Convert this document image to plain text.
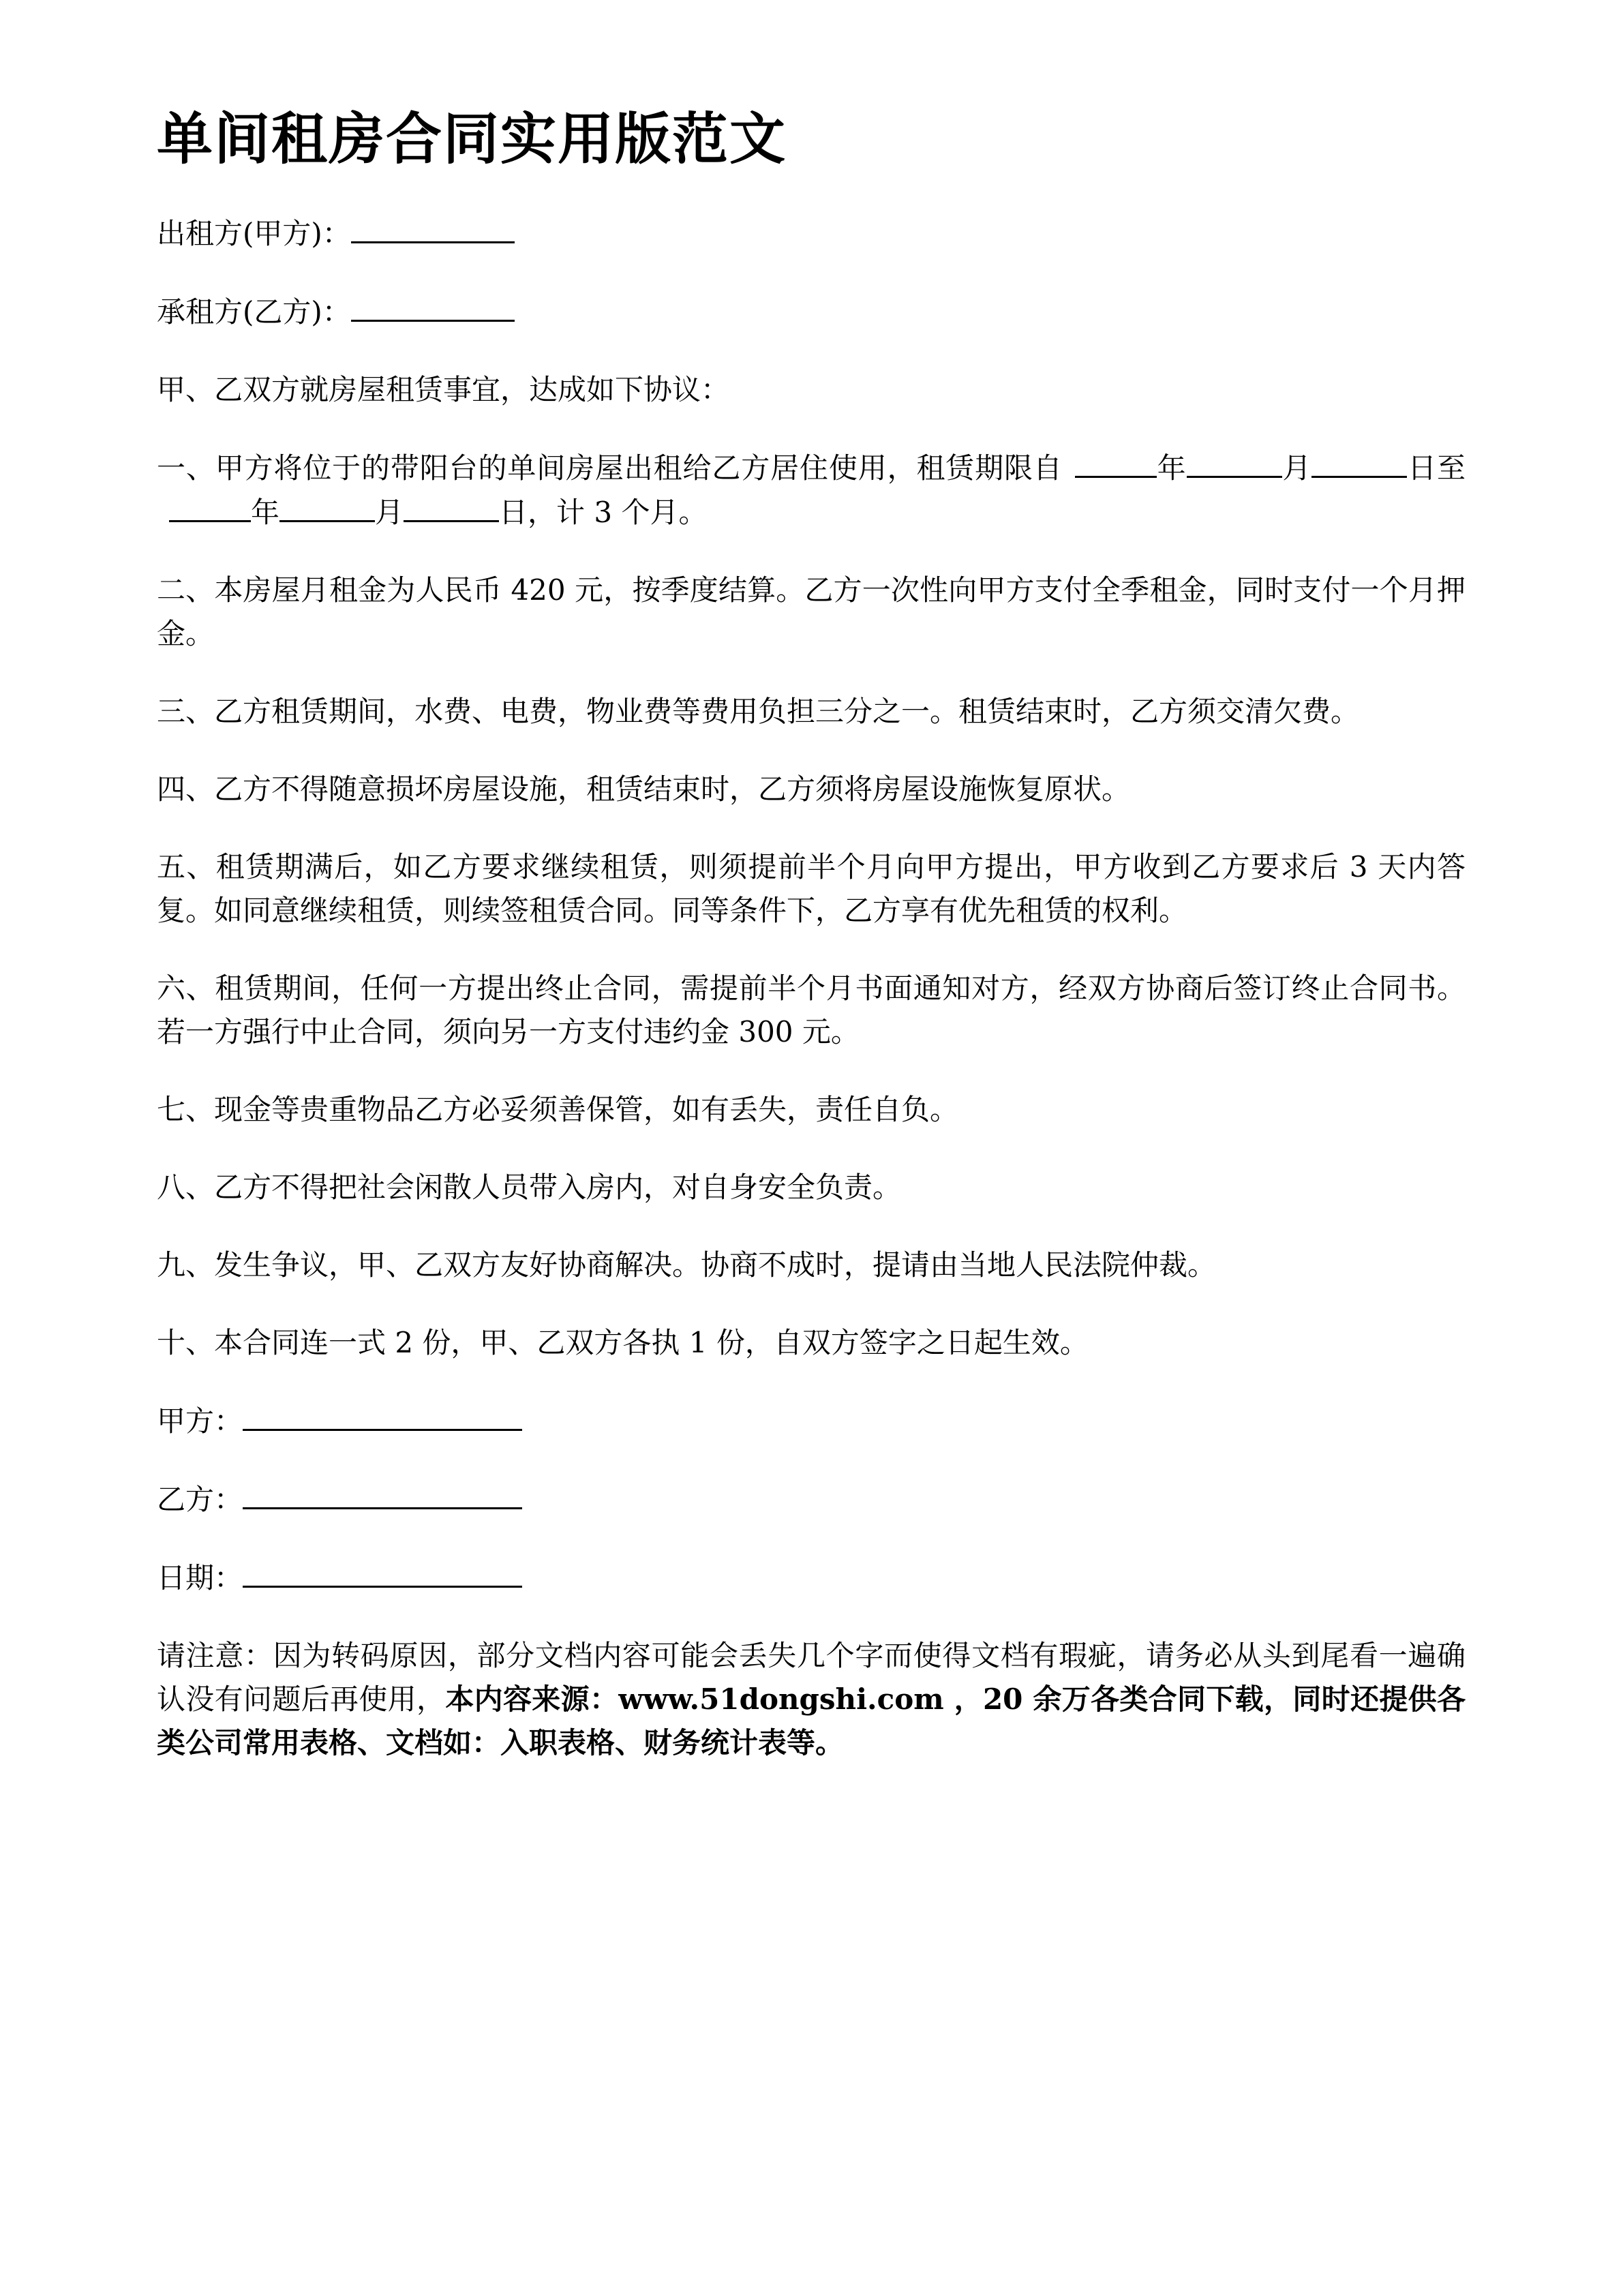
单间租房合同实用版范文
出租方(甲方)：
承租方(乙方)：
甲、乙双方就房屋租赁事宜，达成如下协议：
一、甲方将位于的带阳台的单间房屋出租给乙方居住使用，租赁期限自	年	月	日至年	月	日，计 3 个月。
二、本房屋月租金为人民币 420 元，按季度结算。乙方一次性向甲方支付全季租金，同时支付一个月押金。
三、乙方租赁期间，水费、电费，物业费等费用负担三分之一。租赁结束时，乙方须交清欠费。
四、乙方不得随意损坏房屋设施，租赁结束时，乙方须将房屋设施恢复原状。
五、租赁期满后，如乙方要求继续租赁，则须提前半个月向甲方提出，甲方收到乙方要求后 3 天内答复。如同意继续租赁，则续签租赁合同。同等条件下，乙方享有优先租赁的权利。
六、租赁期间，任何一方提出终止合同，需提前半个月书面通知对方，经双方协商后签订终止合同书。若一方强行中止合同，须向另一方支付违约金 300 元。
七、现金等贵重物品乙方必妥须善保管，如有丢失，责任自负。
八、乙方不得把社会闲散人员带入房内，对自身安全负责。
九、发生争议，甲、乙双方友好协商解决。协商不成时，提请由当地人民法院仲裁。
十、本合同连一式 2 份，甲、乙双方各执 1 份，自双方签字之日起生效。
甲方：
乙方：
日期：
请注意：因为转码原因，部分文档内容可能会丢失几个字而使得文档有瑕疵，请务必从头到尾看一遍确认没有问题后再使用，本内容来源：www.51dongshi.com ，20 余万各类合同下载，同时还提供各类公司常用表格、文档如：入职表格、财务统计表等。
